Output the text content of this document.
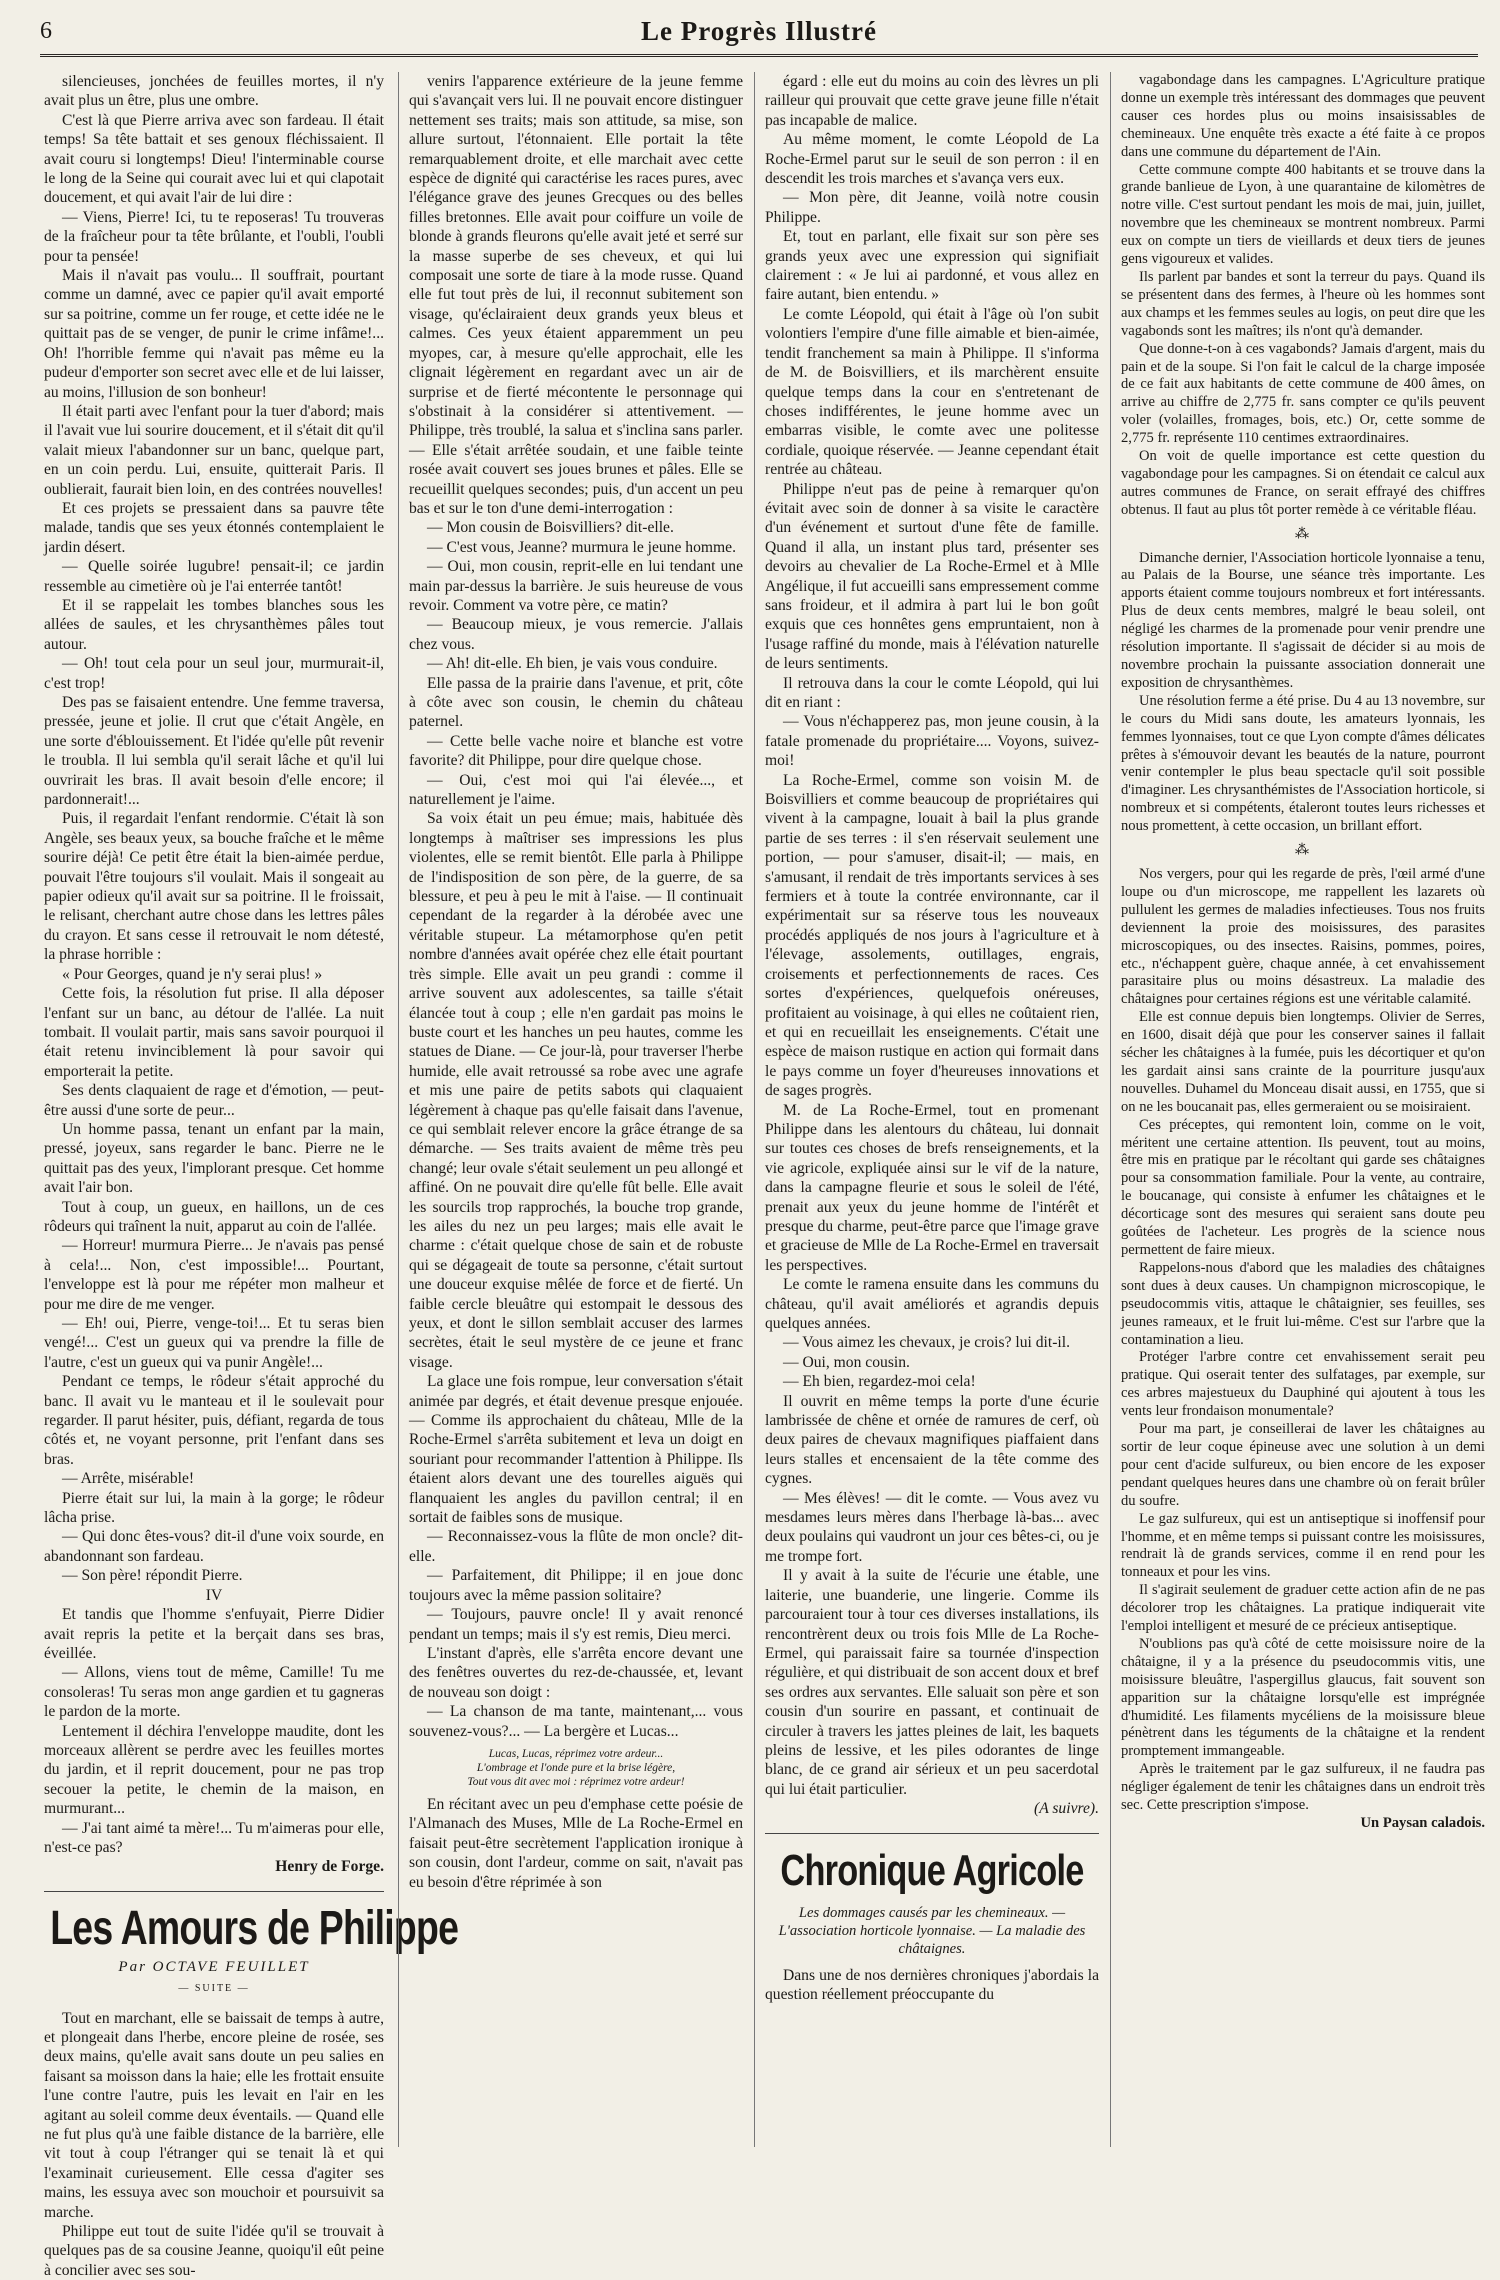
6	Le Progrès Illustré

silencieuses, jonchées de feuilles mortes, il n'y avait plus un être, plus une ombre.

C'est là que Pierre arriva avec son fardeau. Il était temps! Sa tête battait et ses genoux fléchissaient. Il avait couru si longtemps! Dieu! l'interminable course le long de la Seine qui courait avec lui et qui clapotait doucement, et qui avait l'air de lui dire :

— Viens, Pierre! Ici, tu te reposeras! Tu trouveras de la fraîcheur pour ta tête brûlante, et l'oubli, l'oubli pour ta pensée!

Mais il n'avait pas voulu... Il souffrait, pourtant comme un damné, avec ce papier qu'il avait emporté sur sa poitrine, comme un fer rouge, et cette idée ne le quittait pas de se venger, de punir le crime infâme!... Oh! l'horrible femme qui n'avait pas même eu la pudeur d'emporter son secret avec elle et de lui laisser, au moins, l'illusion de son bonheur!

Il était parti avec l'enfant pour la tuer d'abord; mais il l'avait vue lui sourire doucement, et il s'était dit qu'il valait mieux l'abandonner sur un banc, quelque part, en un coin perdu. Lui, ensuite, quitterait Paris. Il oublierait, faurait bien loin, en des contrées nouvelles!

Et ces projets se pressaient dans sa pauvre tête malade, tandis que ses yeux étonnés contemplaient le jardin désert.

— Quelle soirée lugubre! pensait-il; ce jardin ressemble au cimetière où je l'ai enterrée tantôt!

Et il se rappelait les tombes blanches sous les allées de saules, et les chrysanthèmes pâles tout autour.

— Oh! tout cela pour un seul jour, murmurait-il, c'est trop!

Des pas se faisaient entendre. Une femme traversa, pressée, jeune et jolie. Il crut que c'était Angèle, en une sorte d'éblouissement. Et l'idée qu'elle pût revenir le troubla. Il lui sembla qu'il serait lâche et qu'il lui ouvrirait les bras. Il avait besoin d'elle encore; il pardonnerait!...

Puis, il regardait l'enfant rendormie. C'était là son Angèle, ses beaux yeux, sa bouche fraîche et le même sourire déjà! Ce petit être était la bien-aimée perdue, pouvait l'être toujours s'il voulait. Mais il songeait au papier odieux qu'il avait sur sa poitrine. Il le froissait, le relisant, cherchant autre chose dans les lettres pâles du crayon. Et sans cesse il retrouvait le nom détesté, la phrase horrible :

« Pour Georges, quand je n'y serai plus! »

Cette fois, la résolution fut prise. Il alla déposer l'enfant sur un banc, au détour de l'allée. La nuit tombait. Il voulait partir, mais sans savoir pourquoi il était retenu invinciblement là pour savoir qui emporterait la petite.

Ses dents claquaient de rage et d'émotion, — peut-être aussi d'une sorte de peur...

Un homme passa, tenant un enfant par la main, pressé, joyeux, sans regarder le banc. Pierre ne le quittait pas des yeux, l'implorant presque. Cet homme avait l'air bon.

Tout à coup, un gueux, en haillons, un de ces rôdeurs qui traînent la nuit, apparut au coin de l'allée.

— Horreur! murmura Pierre... Je n'avais pas pensé à cela!... Non, c'est impossible!... Pourtant, l'enveloppe est là pour me répéter mon malheur et pour me dire de me venger.

— Eh! oui, Pierre, venge-toi!... Et tu seras bien vengé!... C'est un gueux qui va prendre la fille de l'autre, c'est un gueux qui va punir Angèle!...

Pendant ce temps, le rôdeur s'était approché du banc. Il avait vu le manteau et il le soulevait pour regarder. Il parut hésiter, puis, défiant, regarda de tous côtés et, ne voyant personne, prit l'enfant dans ses bras.

— Arrête, misérable!

Pierre était sur lui, la main à la gorge; le rôdeur lâcha prise.

— Qui donc êtes-vous? dit-il d'une voix sourde, en abandonnant son fardeau.

— Son père! répondit Pierre.

IV

Et tandis que l'homme s'enfuyait, Pierre Didier avait repris la petite et la berçait dans ses bras, éveillée.

— Allons, viens tout de même, Camille! Tu me consoleras! Tu seras mon ange gardien et tu gagneras le pardon de la morte.

Lentement il déchira l'enveloppe maudite, dont les morceaux allèrent se perdre avec les feuilles mortes du jardin, et il reprit doucement, pour ne pas trop secouer la petite, le chemin de la maison, en murmurant...

— J'ai tant aimé ta mère!... Tu m'aimeras pour elle, n'est-ce pas?

Henry de Forge.

Les Amours de Philippe
Par OCTAVE FEUILLET
— SUITE —

Tout en marchant, elle se baissait de temps à autre, et plongeait dans l'herbe, encore pleine de rosée, ses deux mains, qu'elle avait sans doute un peu salies en faisant sa moisson dans la haie; elle les frottait ensuite l'une contre l'autre, puis les levait en l'air en les agitant au soleil comme deux éventails. — Quand elle ne fut plus qu'à une faible distance de la barrière, elle vit tout à coup l'étranger qui se tenait là et qui l'examinait curieusement. Elle cessa d'agiter ses mains, les essuya avec son mouchoir et poursuivit sa marche.

Philippe eut tout de suite l'idée qu'il se trouvait à quelques pas de sa cousine Jeanne, quoiqu'il eût peine à concilier avec ses sou-

venirs l'apparence extérieure de la jeune femme qui s'avançait vers lui. Il ne pouvait encore distinguer nettement ses traits; mais son attitude, sa mise, son allure surtout, l'étonnaient. Elle portait la tête remarquablement droite, et elle marchait avec cette espèce de dignité qui caractérise les races pures, avec l'élégance grave des jeunes Grecques ou des belles filles bretonnes. Elle avait pour coiffure un voile de blonde à grands fleurons qu'elle avait jeté et serré sur la masse superbe de ses cheveux, et qui lui composait une sorte de tiare à la mode russe. Quand elle fut tout près de lui, il reconnut subitement son visage, qu'éclairaient deux grands yeux bleus et calmes. Ces yeux étaient apparemment un peu myopes, car, à mesure qu'elle approchait, elle les clignait légèrement en regardant avec un air de surprise et de fierté mécontente le personnage qui s'obstinait à la considérer si attentivement. — Philippe, très troublé, la salua et s'inclina sans parler. — Elle s'était arrêtée soudain, et une faible teinte rosée avait couvert ses joues brunes et pâles. Elle se recueillit quelques secondes; puis, d'un accent un peu bas et sur le ton d'une demi-interrogation :

— Mon cousin de Boisvilliers? dit-elle.

— C'est vous, Jeanne? murmura le jeune homme.

— Oui, mon cousin, reprit-elle en lui tendant une main par-dessus la barrière. Je suis heureuse de vous revoir. Comment va votre père, ce matin?

— Beaucoup mieux, je vous remercie. J'allais chez vous.

— Ah! dit-elle. Eh bien, je vais vous conduire.

Elle passa de la prairie dans l'avenue, et prit, côte à côte avec son cousin, le chemin du château paternel.

— Cette belle vache noire et blanche est votre favorite? dit Philippe, pour dire quelque chose.

— Oui, c'est moi qui l'ai élevée..., et naturellement je l'aime.

Sa voix était un peu émue; mais, habituée dès longtemps à maîtriser ses impressions les plus violentes, elle se remit bientôt. Elle parla à Philippe de l'indisposition de son père, de la guerre, de sa blessure, et peu à peu le mit à l'aise. — Il continuait cependant de la regarder à la dérobée avec une véritable stupeur. La métamorphose qu'en petit nombre d'années avait opérée chez elle était pourtant très simple. Elle avait un peu grandi : comme il arrive souvent aux adolescentes, sa taille s'était élancée tout à coup ; elle n'en gardait pas moins le buste court et les hanches un peu hautes, comme les statues de Diane. — Ce jour-là, pour traverser l'herbe humide, elle avait retroussé sa robe avec une agrafe et mis une paire de petits sabots qui claquaient légèrement à chaque pas qu'elle faisait dans l'avenue, ce qui semblait relever encore la grâce étrange de sa démarche. — Ses traits avaient de même très peu changé; leur ovale s'était seulement un peu allongé et affiné. On ne pouvait dire qu'elle fût belle. Elle avait les sourcils trop rapprochés, la bouche trop grande, les ailes du nez un peu larges; mais elle avait le charme : c'était quelque chose de sain et de robuste qui se dégageait de toute sa personne, c'était surtout une douceur exquise mêlée de force et de fierté. Un faible cercle bleuâtre qui estompait le dessous des yeux, et dont le sillon semblait accuser des larmes secrètes, était le seul mystère de ce jeune et franc visage.

La glace une fois rompue, leur conversation s'était animée par degrés, et était devenue presque enjouée. — Comme ils approchaient du château, Mlle de la Roche-Ermel s'arrêta subitement et leva un doigt en souriant pour recommander l'attention à Philippe. Ils étaient alors devant une des tourelles aiguës qui flanquaient les angles du pavillon central; il en sortait de faibles sons de musique.

— Reconnaissez-vous la flûte de mon oncle? dit-elle.

— Parfaitement, dit Philippe; il en joue donc toujours avec la même passion solitaire?

— Toujours, pauvre oncle! Il y avait renoncé pendant un temps; mais il s'y est remis, Dieu merci.

L'instant d'après, elle s'arrêta encore devant une des fenêtres ouvertes du rez-de-chaussée, et, levant de nouveau son doigt :

— La chanson de ma tante, maintenant,... vous souvenez-vous?... — La bergère et Lucas...

Lucas, Lucas, réprimez votre ardeur...
L'ombrage et l'onde pure et la brise légère,
Tout vous dit avec moi : réprimez votre ardeur!

En récitant avec un peu d'emphase cette poésie de l'Almanach des Muses, Mlle de La Roche-Ermel en faisait peut-être secrètement l'application ironique à son cousin, dont l'ardeur, comme on sait, n'avait pas eu besoin d'être réprimée à son

égard : elle eut du moins au coin des lèvres un pli railleur qui prouvait que cette grave jeune fille n'était pas incapable de malice.

Au même moment, le comte Léopold de La Roche-Ermel parut sur le seuil de son perron : il en descendit les trois marches et s'avança vers eux.

— Mon père, dit Jeanne, voilà notre cousin Philippe.

Et, tout en parlant, elle fixait sur son père ses grands yeux avec une expression qui signifiait clairement : « Je lui ai pardonné, et vous allez en faire autant, bien entendu. »

Le comte Léopold, qui était à l'âge où l'on subit volontiers l'empire d'une fille aimable et bien-aimée, tendit franchement sa main à Philippe. Il s'informa de M. de Boisvilliers, et ils marchèrent ensuite quelque temps dans la cour en s'entretenant de choses indifférentes, le jeune homme avec un embarras visible, le comte avec une politesse cordiale, quoique réservée. — Jeanne cependant était rentrée au château.

Philippe n'eut pas de peine à remarquer qu'on évitait avec soin de donner à sa visite le caractère d'un événement et surtout d'une fête de famille. Quand il alla, un instant plus tard, présenter ses devoirs au chevalier de La Roche-Ermel et à Mlle Angélique, il fut accueilli sans empressement comme sans froideur, et il admira à part lui le bon goût exquis que ces honnêtes gens empruntaient, non à l'usage raffiné du monde, mais à l'élévation naturelle de leurs sentiments.

Il retrouva dans la cour le comte Léopold, qui lui dit en riant :

— Vous n'échapperez pas, mon jeune cousin, à la fatale promenade du propriétaire.... Voyons, suivez-moi!

La Roche-Ermel, comme son voisin M. de Boisvilliers et comme beaucoup de propriétaires qui vivent à la campagne, louait à bail la plus grande partie de ses terres : il s'en réservait seulement une portion, — pour s'amuser, disait-il; — mais, en s'amusant, il rendait de très importants services à ses fermiers et à toute la contrée environnante, car il expérimentait sur sa réserve tous les nouveaux procédés appliqués de nos jours à l'agriculture et à l'élevage, assolements, outillages, engrais, croisements et perfectionnements de races. Ces sortes d'expériences, quelquefois onéreuses, profitaient au voisinage, à qui elles ne coûtaient rien, et qui en recueillait les enseignements. C'était une espèce de maison rustique en action qui formait dans le pays comme un foyer d'heureuses innovations et de sages progrès.

M. de La Roche-Ermel, tout en promenant Philippe dans les alentours du château, lui donnait sur toutes ces choses de brefs renseignements, et la vie agricole, expliquée ainsi sur le vif de la nature, dans la campagne fleurie et sous le soleil de l'été, prenait aux yeux du jeune homme de l'intérêt et presque du charme, peut-être parce que l'image grave et gracieuse de Mlle de La Roche-Ermel en traversait les perspectives.

Le comte le ramena ensuite dans les communs du château, qu'il avait améliorés et agrandis depuis quelques années.

— Vous aimez les chevaux, je crois? lui dit-il.

— Oui, mon cousin.

— Eh bien, regardez-moi cela!

Il ouvrit en même temps la porte d'une écurie lambrissée de chêne et ornée de ramures de cerf, où deux paires de chevaux magnifiques piaffaient dans leurs stalles et encensaient de la tête comme des cygnes.

— Mes élèves! — dit le comte. — Vous avez vu mesdames leurs mères dans l'herbage là-bas... avec deux poulains qui vaudront un jour ces bêtes-ci, ou je me trompe fort.

Il y avait à la suite de l'écurie une étable, une laiterie, une buanderie, une lingerie. Comme ils parcouraient tour à tour ces diverses installations, ils rencontrèrent deux ou trois fois Mlle de La Roche-Ermel, qui paraissait faire sa tournée d'inspection régulière, et qui distribuait de son accent doux et bref ses ordres aux servantes. Elle saluait son père et son cousin d'un sourire en passant, et continuait de circuler à travers les jattes pleines de lait, les baquets pleins de lessive, et les piles odorantes de linge blanc, de ce grand air sérieux et un peu sacerdotal qui lui était particulier.

(A suivre).

Chronique Agricole
Les dommages causés par les chemineaux. — L'association horticole lyonnaise. — La maladie des châtaignes.

Dans une de nos dernières chroniques j'abordais la question réellement préoccupante du

vagabondage dans les campagnes. L'Agriculture pratique donne un exemple très intéressant des dommages que peuvent causer ces hordes plus ou moins insaisissables de chemineaux. Une enquête très exacte a été faite à ce propos dans une commune du département de l'Ain.

Cette commune compte 400 habitants et se trouve dans la grande banlieue de Lyon, à une quarantaine de kilomètres de notre ville. C'est surtout pendant les mois de mai, juin, juillet, novembre que les chemineaux se montrent nombreux. Parmi eux on compte un tiers de vieillards et deux tiers de jeunes gens vigoureux et valides.

Ils parlent par bandes et sont la terreur du pays. Quand ils se présentent dans des fermes, à l'heure où les hommes sont aux champs et les femmes seules au logis, on peut dire que les vagabonds sont les maîtres; ils n'ont qu'à demander.

Que donne-t-on à ces vagabonds? Jamais d'argent, mais du pain et de la soupe. Si l'on fait le calcul de la charge imposée de ce fait aux habitants de cette commune de 400 âmes, on arrive au chiffre de 2,775 fr. sans compter ce qu'ils peuvent voler (volailles, fromages, bois, etc.) Or, cette somme de 2,775 fr. représente 110 centimes extraordinaires.

On voit de quelle importance est cette question du vagabondage pour les campagnes. Si on étendait ce calcul aux autres communes de France, on serait effrayé des chiffres obtenus. Il faut au plus tôt porter remède à ce véritable fléau.

⁂

Dimanche dernier, l'Association horticole lyonnaise a tenu, au Palais de la Bourse, une séance très importante. Les apports étaient comme toujours nombreux et fort intéressants. Plus de deux cents membres, malgré le beau soleil, ont négligé les charmes de la promenade pour venir prendre une résolution importante. Il s'agissait de décider si au mois de novembre prochain la puissante association donnerait une exposition de chrysanthèmes.

Une résolution ferme a été prise. Du 4 au 13 novembre, sur le cours du Midi sans doute, les amateurs lyonnais, les femmes lyonnaises, tout ce que Lyon compte d'âmes délicates prêtes à s'émouvoir devant les beautés de la nature, pourront venir contempler le plus beau spectacle qu'il soit possible d'imaginer. Les chrysanthémistes de l'Association horticole, si nombreux et si compétents, étaleront toutes leurs richesses et nous promettent, à cette occasion, un brillant effort.

⁂

Nos vergers, pour qui les regarde de près, l'œil armé d'une loupe ou d'un microscope, me rappellent les lazarets où pullulent les germes de maladies infectieuses. Tous nos fruits deviennent la proie des moisissures, des parasites microscopiques, ou des insectes. Raisins, pommes, poires, etc., n'échappent guère, chaque année, à cet envahissement parasitaire plus ou moins désastreux. La maladie des châtaignes pour certaines régions est une véritable calamité.

Elle est connue depuis bien longtemps. Olivier de Serres, en 1600, disait déjà que pour les conserver saines il fallait sécher les châtaignes à la fumée, puis les décortiquer et qu'on les gardait ainsi sans crainte de la pourriture jusqu'aux nouvelles. Duhamel du Monceau disait aussi, en 1755, que si on ne les boucanait pas, elles germeraient ou se moisiraient.

Ces préceptes, qui remontent loin, comme on le voit, méritent une certaine attention. Ils peuvent, tout au moins, être mis en pratique par le récoltant qui garde ses châtaignes pour sa consommation familiale. Pour la vente, au contraire, le boucanage, qui consiste à enfumer les châtaignes et le décorticage sont des mesures qui seraient sans doute peu goûtées de l'acheteur. Les progrès de la science nous permettent de faire mieux.

Rappelons-nous d'abord que les maladies des châtaignes sont dues à deux causes. Un champignon microscopique, le pseudocommis vitis, attaque le châtaignier, ses feuilles, ses jeunes rameaux, et le fruit lui-même. C'est sur l'arbre que la contamination a lieu.

Protéger l'arbre contre cet envahissement serait peu pratique. Qui oserait tenter des sulfatages, par exemple, sur ces arbres majestueux du Dauphiné qui ajoutent à tous les vents leur frondaison monumentale?

Pour ma part, je conseillerai de laver les châtaignes au sortir de leur coque épineuse avec une solution à un demi pour cent d'acide sulfureux, ou bien encore de les exposer pendant quelques heures dans une chambre où on ferait brûler du soufre.

Le gaz sulfureux, qui est un antiseptique si inoffensif pour l'homme, et en même temps si puissant contre les moisissures, rendrait là de grands services, comme il en rend pour les tonneaux et pour les vins.

Il s'agirait seulement de graduer cette action afin de ne pas décolorer trop les châtaignes. La pratique indiquerait vite l'emploi intelligent et mesuré de ce précieux antiseptique.

N'oublions pas qu'à côté de cette moisissure noire de la châtaigne, il y a la présence du pseudocommis vitis, une moisissure bleuâtre, l'aspergillus glaucus, fait souvent son apparition sur la châtaigne lorsqu'elle est imprégnée d'humidité. Les filaments mycéliens de la moisissure bleue pénètrent dans les téguments de la châtaigne et la rendent promptement immangeable.

Après le traitement par le gaz sulfureux, il ne faudra pas négliger également de tenir les châtaignes dans un endroit très sec. Cette prescription s'impose.

Un Paysan caladois.
